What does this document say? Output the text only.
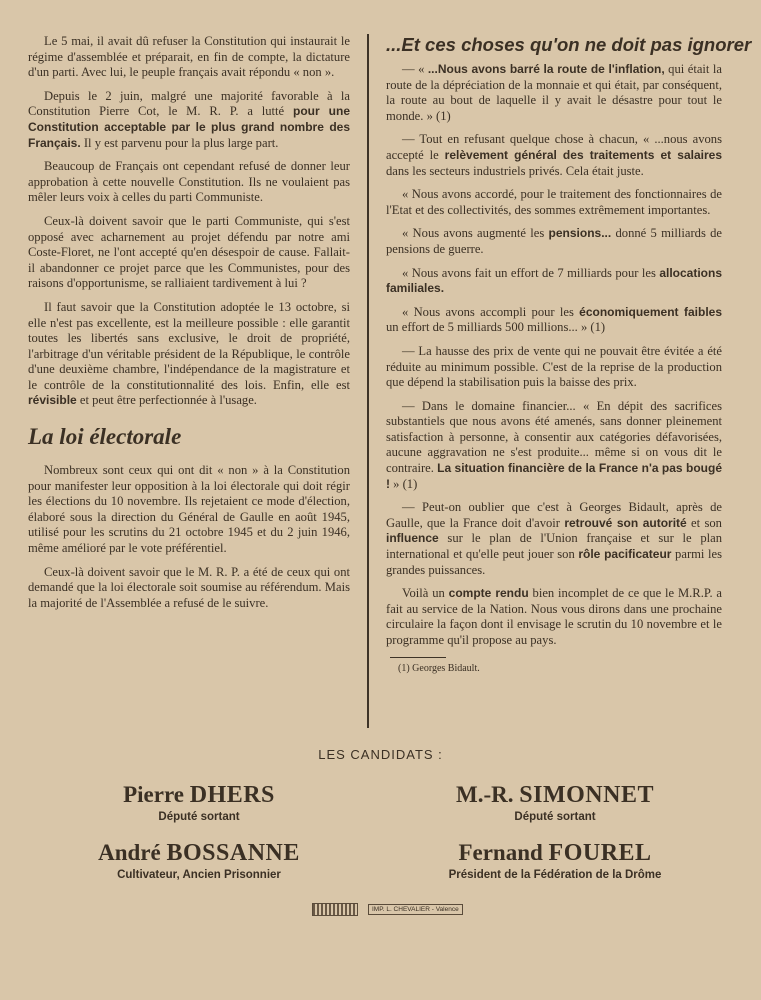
Le 5 mai, il avait dû refuser la Constitution qui instaurait le régime d'assemblée et préparait, en fin de compte, la dictature d'un parti. Avec lui, le peuple français avait répondu « non ».

Depuis le 2 juin, malgré une majorité favorable à la Constitution Pierre Cot, le M. R. P. a lutté pour une Constitution acceptable par le plus grand nombre des Français. Il y est parvenu pour la plus large part.

Beaucoup de Français ont cependant refusé de donner leur approbation à cette nouvelle Constitution. Ils ne voulaient pas mêler leurs voix à celles du parti Communiste.

Ceux-là doivent savoir que le parti Communiste, qui s'est opposé avec acharnement au projet défendu par notre ami Coste-Floret, ne l'ont accepté qu'en désespoir de cause. Fallait-il abandonner ce projet parce que les Communistes, pour des raisons d'opportunisme, se ralliaient tardivement à lui ?

Il faut savoir que la Constitution adoptée le 13 octobre, si elle n'est pas excellente, est la meilleure possible : elle garantit toutes les libertés sans exclusive, le droit de propriété, l'arbitrage d'un véritable président de la République, le contrôle d'une deuxième chambre, l'indépendance de la magistrature et le contrôle de la constitutionnalité des lois. Enfin, elle est révisible et peut être perfectionnée à l'usage.

La loi électorale

Nombreux sont ceux qui ont dit « non » à la Constitution pour manifester leur opposition à la loi électorale qui doit régir les élections du 10 novembre. Ils rejetaient ce mode d'élection, élaboré sous la direction du Général de Gaulle en août 1945, utilisé pour les scrutins du 21 octobre 1945 et du 2 juin 1946, même amélioré par le vote préférentiel.

Ceux-là doivent savoir que le M. R. P. a été de ceux qui ont demandé que la loi électorale soit soumise au référendum. Mais la majorité de l'Assemblée a refusé de le suivre.

...Et ces choses qu'on ne doit pas ignorer

— « ...Nous avons barré la route de l'inflation, qui était la route de la dépréciation de la monnaie et qui était, par conséquent, la route au bout de laquelle il y avait le désastre pour tout le monde. » (1)

— Tout en refusant quelque chose à chacun, « ...nous avons accepté le relèvement général des traitements et salaires dans les secteurs industriels privés. Cela était juste.

« Nous avons accordé, pour le traitement des fonctionnaires de l'Etat et des collectivités, des sommes extrêmement importantes.

« Nous avons augmenté les pensions... donné 5 milliards de pensions de guerre.

« Nous avons fait un effort de 7 milliards pour les allocations familiales.

« Nous avons accompli pour les économiquement faibles un effort de 5 milliards 500 millions... » (1)

— La hausse des prix de vente qui ne pouvait être évitée a été réduite au minimum possible. C'est de la reprise de la production que dépend la stabilisation puis la baisse des prix.

— Dans le domaine financier... « En dépit des sacrifices substantiels que nous avons été amenés, sans donner pleinement satisfaction à personne, à consentir aux catégories défavorisées, aucune aggravation ne s'est produite... même si on vous dit le contraire. La situation financière de la France n'a pas bougé ! » (1)

— Peut-on oublier que c'est à Georges Bidault, après de Gaulle, que la France doit d'avoir retrouvé son autorité et son influence sur le plan de l'Union française et sur le plan international et qu'elle peut jouer son rôle pacificateur parmi les grandes puissances.

Voilà un compte rendu bien incomplet de ce que le M.R.P. a fait au service de la Nation. Nous vous dirons dans une prochaine circulaire la façon dont il envisage le scrutin du 10 novembre et le programme qu'il propose au pays.

(1) Georges Bidault.

LES CANDIDATS :
Pierre DHERS
Député sortant
M.-R. SIMONNET
Député sortant
André BOSSANNE
Cultivateur, Ancien Prisonnier
Fernand FOUREL
Président de la Fédération de la Drôme
IMP. L. CHEVALIER - Valence
